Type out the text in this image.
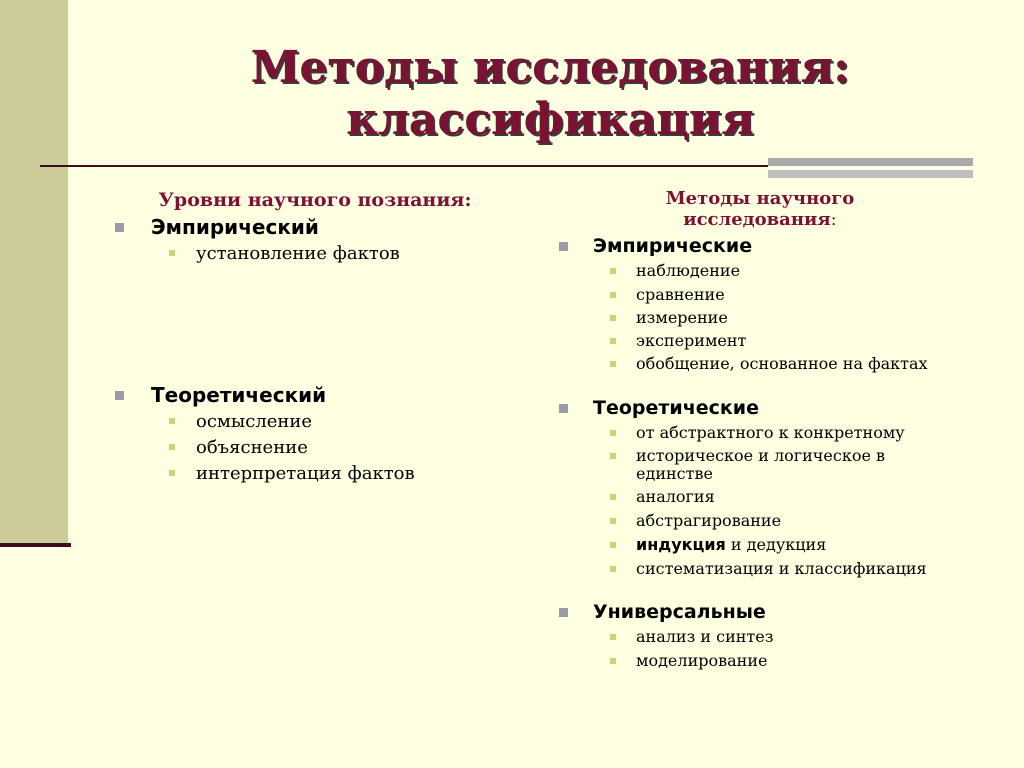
Методы исследования:
классификация

Уровни научного познания:

Эмпирический

установление фактов

Теоретический

осмысление

объяснение

интерпретация фактов

Методы научного
исследования:

Эмпирические

наблюдение

сравнение

измерение

эксперимент

обобщение, основанное на фактах

Теоретические

от абстрактного к конкретному

историческое и логическое в единстве

аналогия

абстрагирование

индукция и дедукция

систематизация и классификация

Универсальные

анализ и синтез

моделирование
